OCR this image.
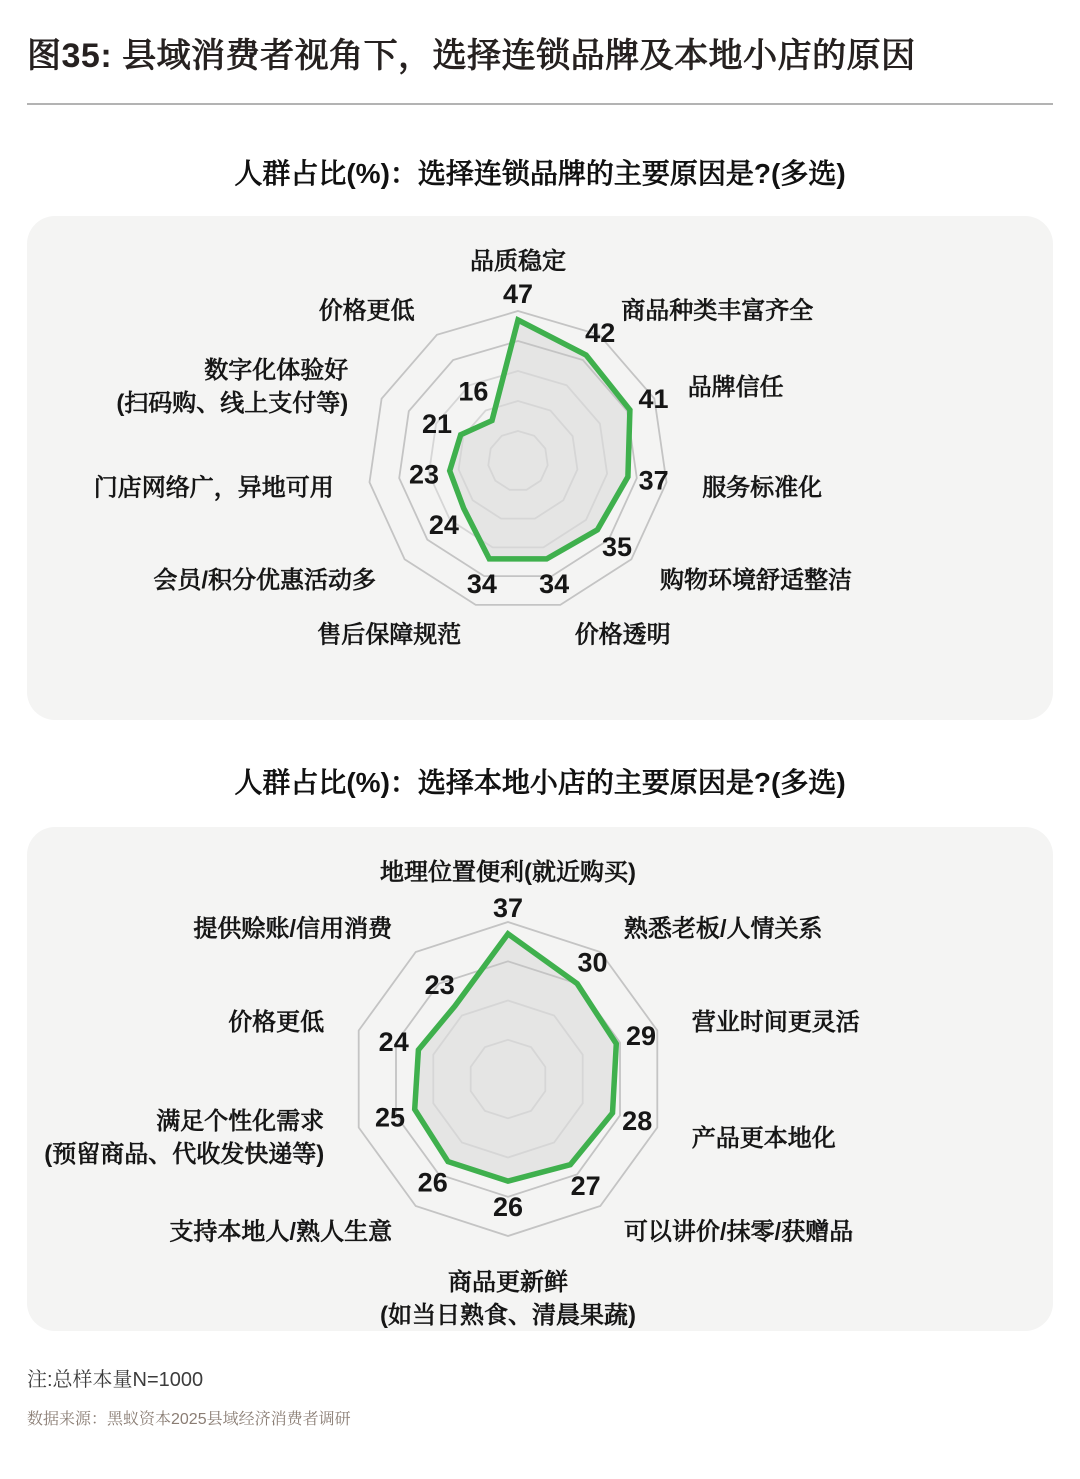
图35: 县域消费者视角下，选择连锁品牌及本地小店的原因
人群占比(%)：选择连锁品牌的主要原因是?(多选)
47
品质稳定
42
商品种类丰富齐全
41 品牌信任
37 服务标准化
35
购物环境舒适整洁
34
价格透明
34
售后保障规范
24
会员/积分优惠活动多
23
门店网络广，异地可用
21
数字化体验好
(扫码购、线上支付等)	16
价格更低
人群占比(%)：选择本地小店的主要原因是?(多选)
37
地理位置便利(就近购买)
30
熟悉老板/人情关系
29 营业时间更灵活
28
产品更本地化
27
可以讲价/抹零/获赠品
26
商品更新鲜
(如当日熟食、清晨果蔬)
26
支持本地人/熟人生意
25
满足个性化需求
(预留商品、代收发快递等)
24
价格更低
23
提供赊账/信用消费

注:总样本量N=1000

数据来源：黑蚁资本2025县域经济消费者调研
